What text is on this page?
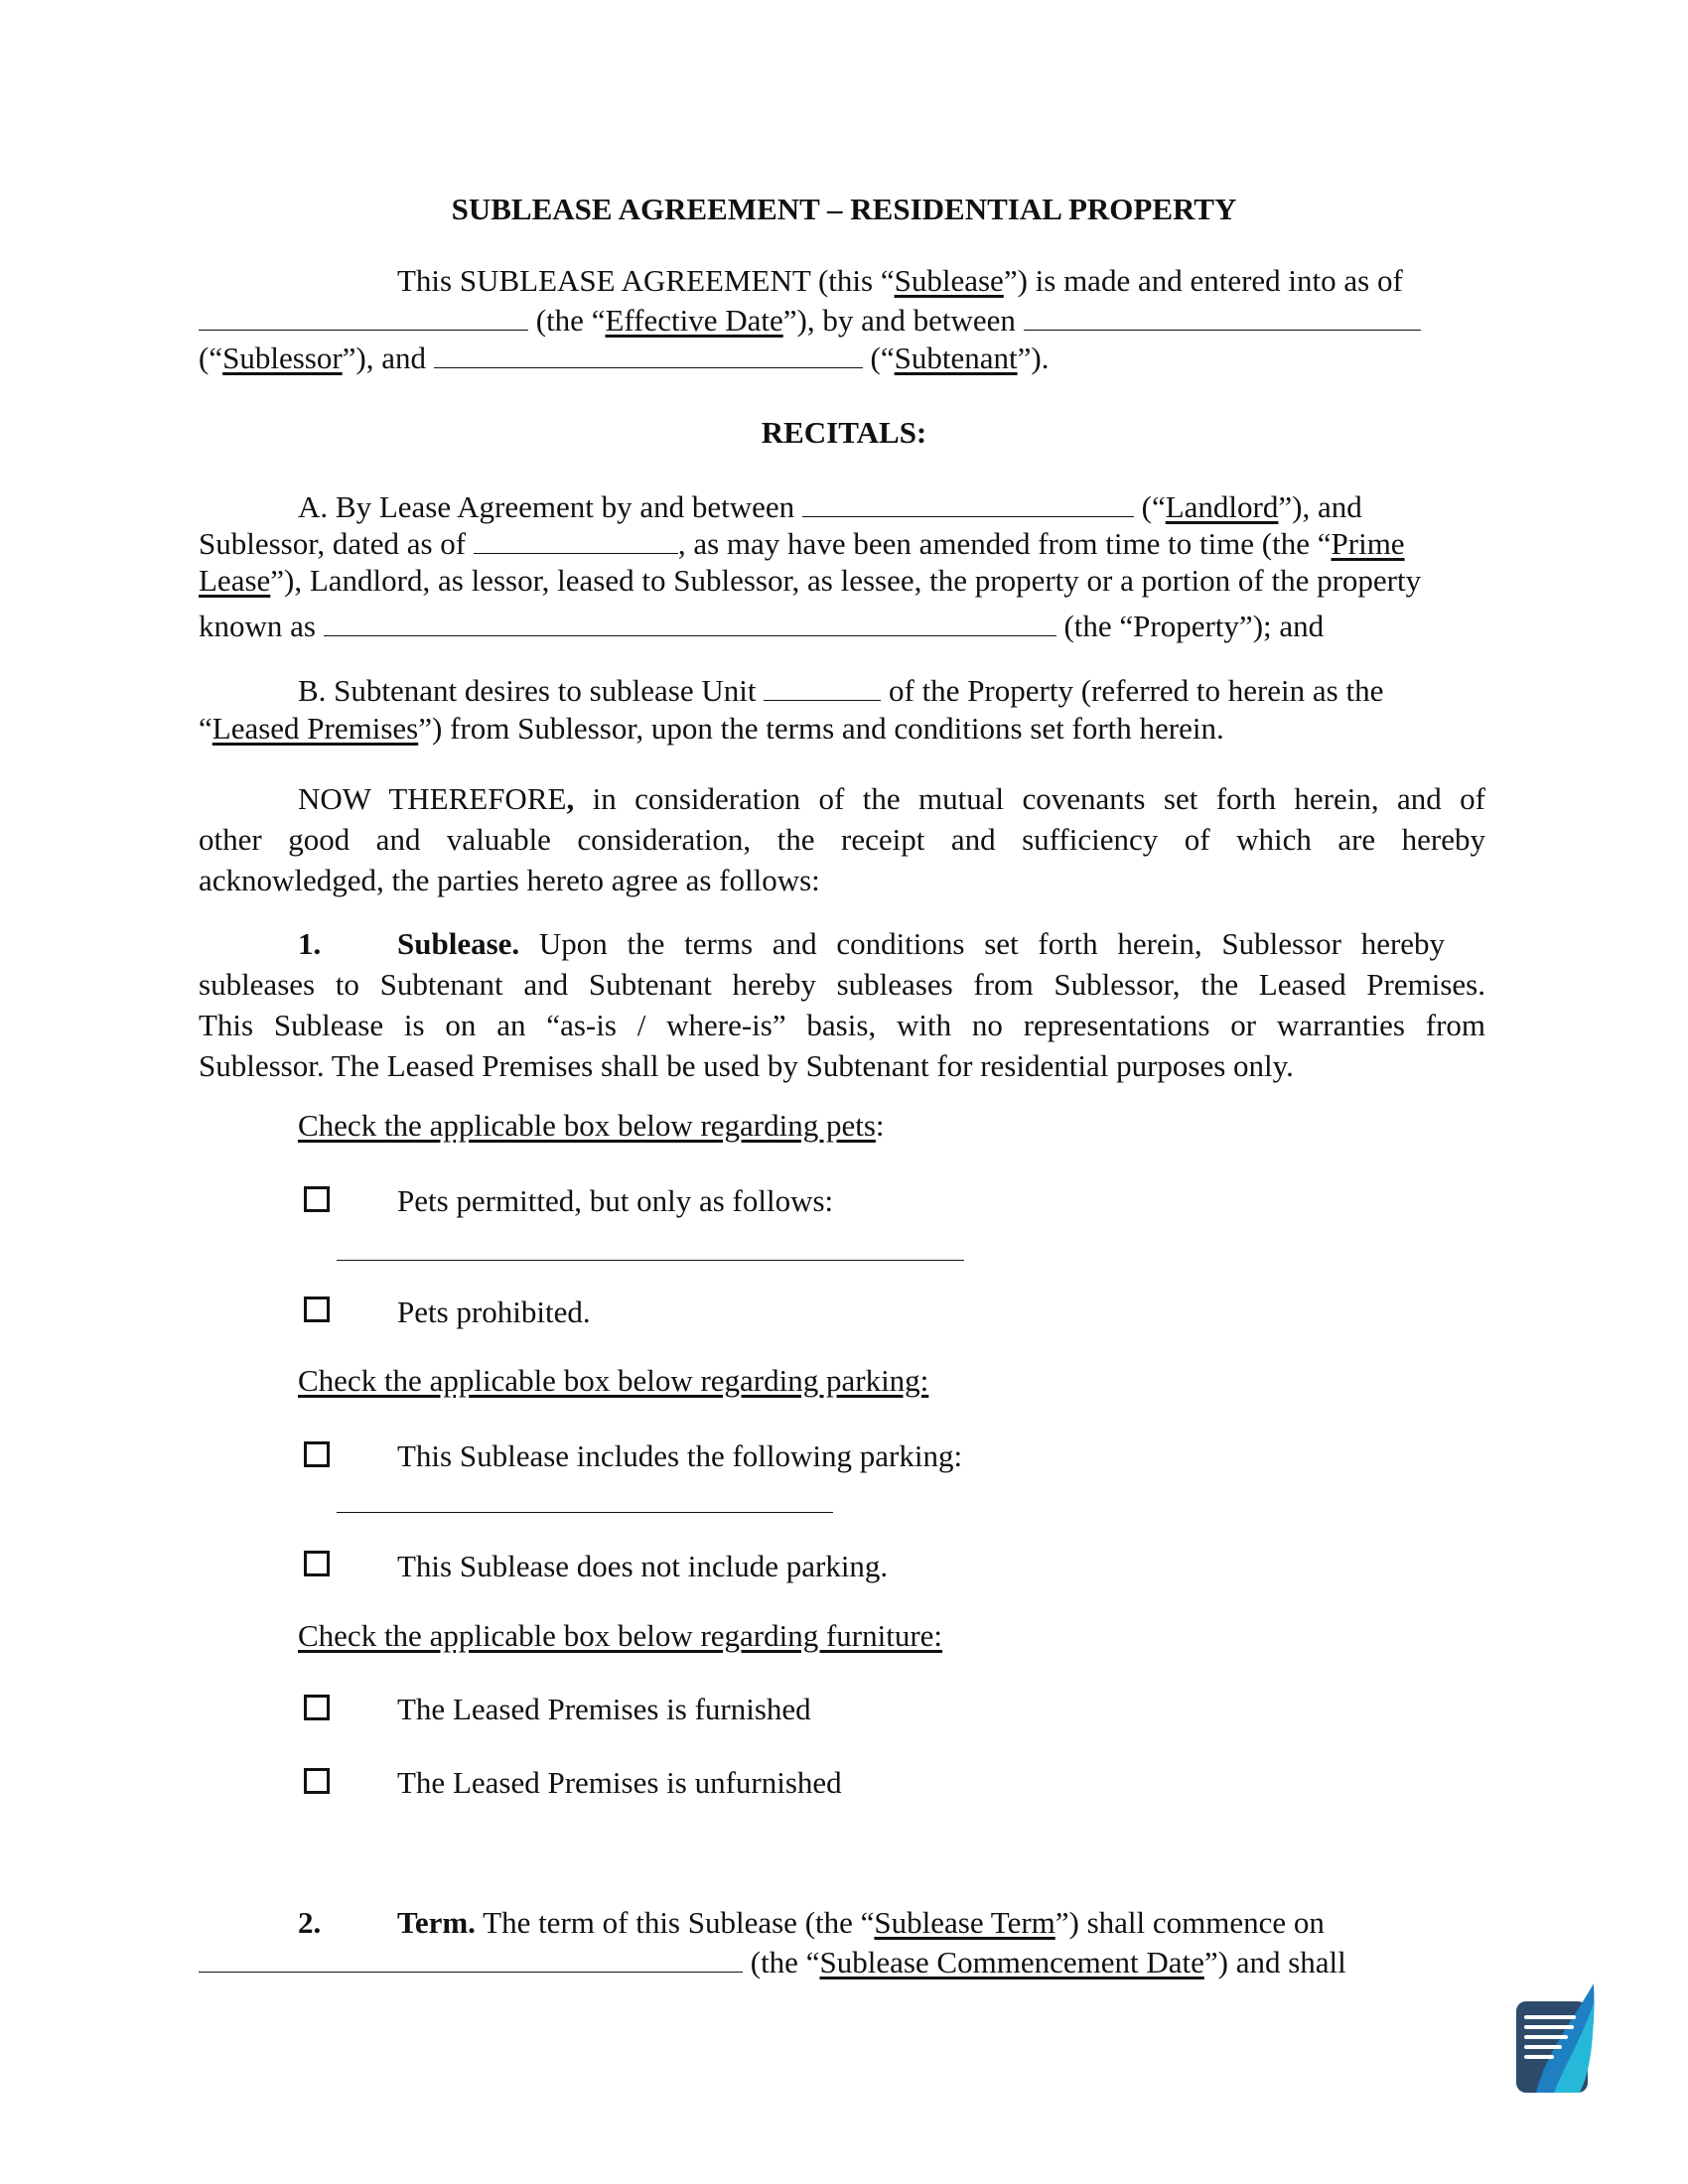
SUBLEASE AGREEMENT – RESIDENTIAL PROPERTY
This SUBLEASE AGREEMENT (this “Sublease”) is made and entered into as of
(the “Effective Date”), by and between
(“Sublessor”), and	(“Subtenant”).
RECITALS:
A. By Lease Agreement by and between	(“Landlord”), and
Sublessor, dated as of	, as may have been amended from time to time (the “Prime
Lease”), Landlord, as lessor, leased to Sublessor, as lessee, the property or a portion of the property
known as	(the “Property”); and
B. Subtenant desires to sublease Unit	of the Property (referred to herein as the
“Leased Premises”) from Sublessor, upon the terms and conditions set forth herein.
NOW THEREFORE, in consideration of the mutual covenants set forth herein, and of
other good and valuable consideration, the receipt and sufficiency of which are hereby
acknowledged, the parties hereto agree as follows:
1. Sublease. Upon the terms and conditions set forth herein, Sublessor hereby
subleases to Subtenant and Subtenant hereby subleases from Sublessor, the Leased Premises.
This Sublease is on an “as-is / where-is” basis, with no representations or warranties from
Sublessor. The Leased Premises shall be used by Subtenant for residential purposes only.
Check the applicable box below regarding pets:
Pets permitted, but only as follows:
Pets prohibited.
Check the applicable box below regarding parking:
This Sublease includes the following parking:
This Sublease does not include parking.
Check the applicable box below regarding furniture:
The Leased Premises is furnished
The Leased Premises is unfurnished
2. Term. The term of this Sublease (the “Sublease Term”) shall commence on
(the “Sublease Commencement Date”) and shall
